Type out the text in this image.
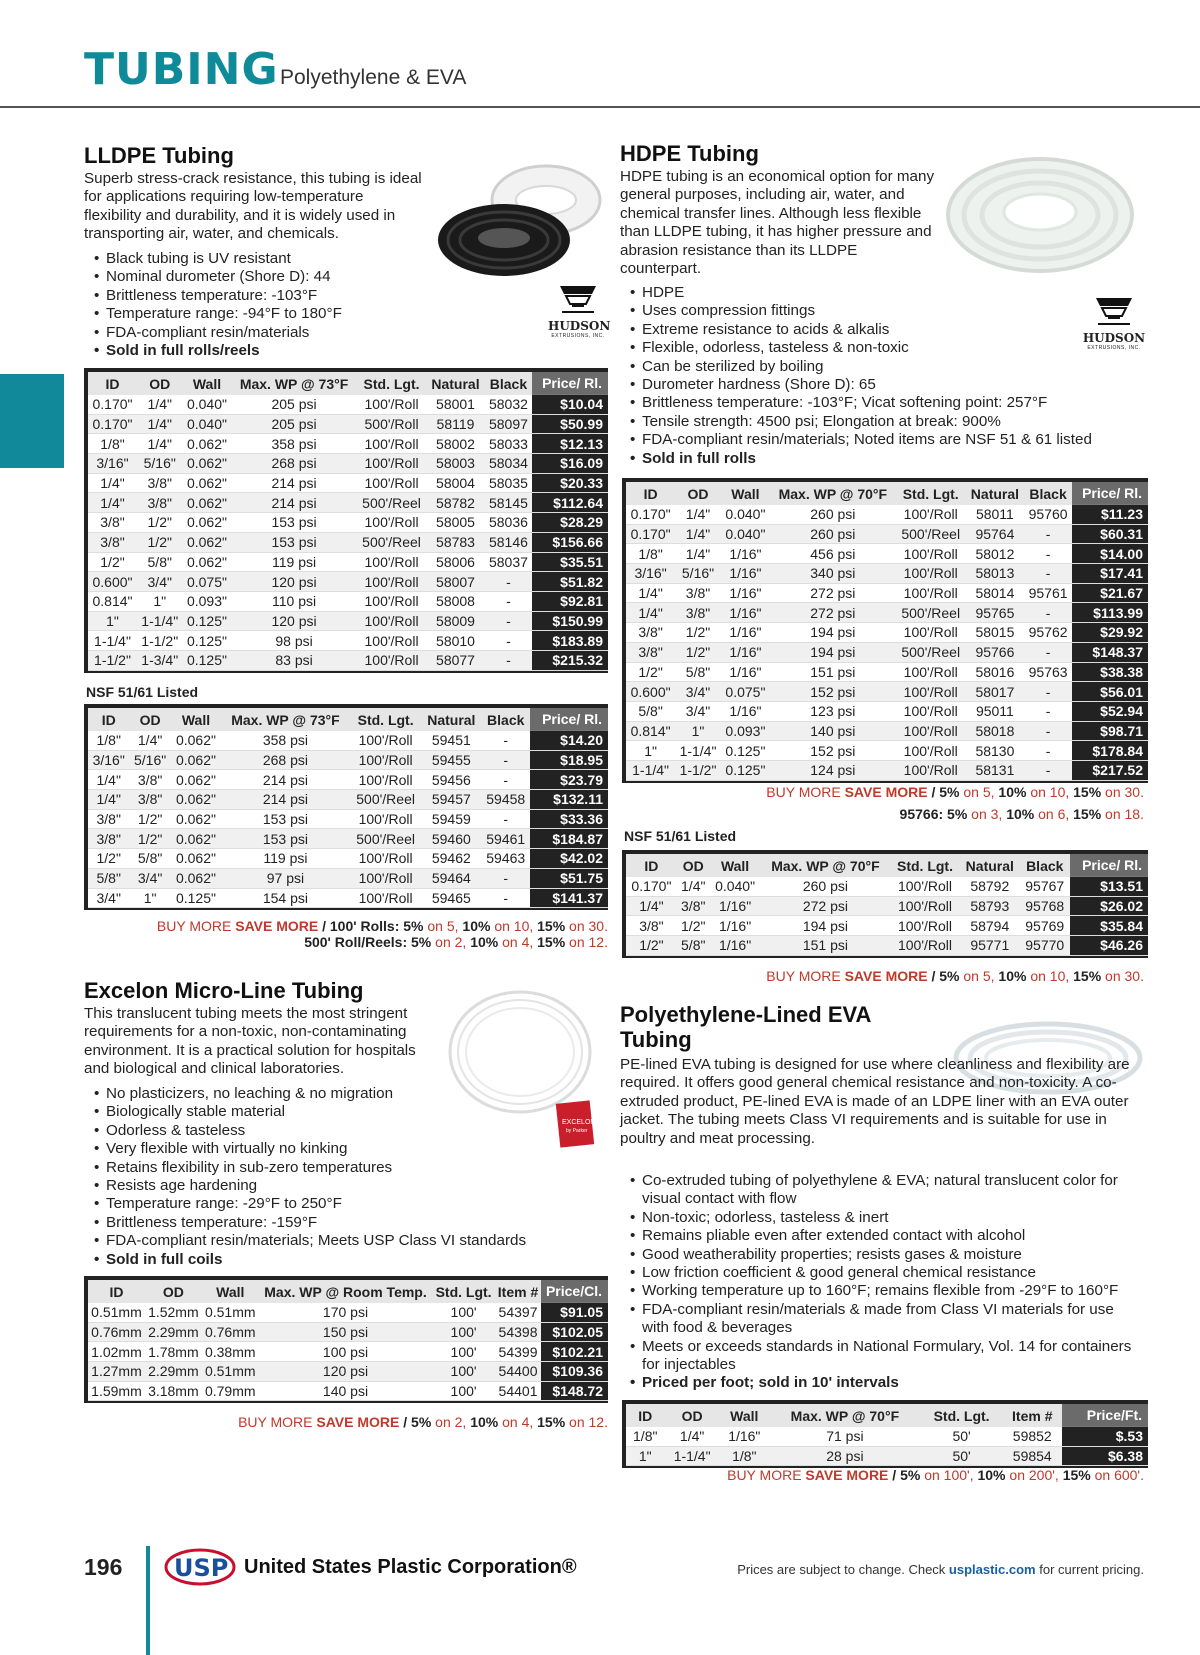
TUBING Polyethylene & EVA
LLDPE Tubing

Superb stress-crack resistance, this tubing is ideal for applications requiring low-temperature flexibility and durability, and it is widely used in transporting air, water, and chemicals.

• Black tubing is UV resistant
• Nominal durometer (Shore D): 44
• Brittleness temperature: -103°F
• Temperature range: -94°F to 180°F
• FDA-compliant resin/materials
• Sold in full rolls/reels
HUDSON
EXTRUSIONS, INC.
ID	OD	Wall	Max. WP @ 73°F	Std. Lgt.	Natural	Black	Price/ Rl.
0.170"	1/4"	0.040"	205 psi	100'/Roll	58001	58032	$10.04
0.170"	1/4"	0.040"	205 psi	500'/Roll	58119	58097	$50.99
1/8"	1/4"	0.062"	358 psi	100'/Roll	58002	58033	$12.13
3/16"	5/16"	0.062"	268 psi	100'/Roll	58003	58034	$16.09
1/4"	3/8"	0.062"	214 psi	100'/Roll	58004	58035	$20.33
1/4"	3/8"	0.062"	214 psi	500'/Reel	58782	58145	$112.64
3/8"	1/2"	0.062"	153 psi	100'/Roll	58005	58036	$28.29
3/8"	1/2"	0.062"	153 psi	500'/Reel	58783	58146	$156.66
1/2"	5/8"	0.062"	119 psi	100'/Roll	58006	58037	$35.51
0.600"	3/4"	0.075"	120 psi	100'/Roll	58007	-	$51.82
0.814"	1"	0.093"	110 psi	100'/Roll	58008	-	$92.81
1"	1-1/4"	0.125"	120 psi	100'/Roll	58009	-	$150.99
1-1/4"	1-1/2"	0.125"	98 psi	100'/Roll	58010	-	$183.89
1-1/2"	1-3/4"	0.125"	83 psi	100'/Roll	58077	-	$215.32
NSF 51/61 Listed
ID	OD	Wall	Max. WP @ 73°F	Std. Lgt.	Natural	Black	Price/ Rl.
1/8"	1/4"	0.062"	358 psi	100'/Roll	59451	-	$14.20
3/16"	5/16"	0.062"	268 psi	100'/Roll	59455	-	$18.95
1/4"	3/8"	0.062"	214 psi	100'/Roll	59456	-	$23.79
1/4"	3/8"	0.062"	214 psi	500'/Reel	59457	59458	$132.11
3/8"	1/2"	0.062"	153 psi	100'/Roll	59459	-	$33.36
3/8"	1/2"	0.062"	153 psi	500'/Reel	59460	59461	$184.87
1/2"	5/8"	0.062"	119 psi	100'/Roll	59462	59463	$42.02
5/8"	3/4"	0.062"	97 psi	100'/Roll	59464	-	$51.75
3/4"	1"	0.125"	154 psi	100'/Roll	59465	-	$141.37
BUY MORE SAVE MORE / 100' Rolls: 5% on 5, 10% on 10, 15% on 30.
500' Roll/Reels: 5% on 2, 10% on 4, 15% on 12.
HDPE Tubing

HDPE tubing is an economical option for many general purposes, including air, water, and chemical transfer lines. Although less flexible than LLDPE tubing, it has higher pressure and abrasion resistance than its LLDPE counterpart.

HUDSON
EXTRUSIONS, INC.
• HDPE
• Uses compression fittings
• Extreme resistance to acids & alkalis
• Flexible, odorless, tasteless & non-toxic
• Can be sterilized by boiling
• Durometer hardness (Shore D): 65
• Brittleness temperature: -103°F; Vicat softening point: 257°F
• Tensile strength: 4500 psi; Elongation at break: 900%
• FDA-compliant resin/materials; Noted items are NSF 51 & 61 listed
• Sold in full rolls
ID	OD	Wall	Max. WP @ 70°F	Std. Lgt.	Natural	Black	Price/ Rl.
0.170"	1/4"	0.040"	260 psi	100'/Roll	58011	95760	$11.23
0.170"	1/4"	0.040"	260 psi	500'/Reel	95764	-	$60.31
1/8"	1/4"	1/16"	456 psi	100'/Roll	58012	-	$14.00
3/16"	5/16"	1/16"	340 psi	100'/Roll	58013	-	$17.41
1/4"	3/8"	1/16"	272 psi	100'/Roll	58014	95761	$21.67
1/4"	3/8"	1/16"	272 psi	500'/Reel	95765	-	$113.99
3/8"	1/2"	1/16"	194 psi	100'/Roll	58015	95762	$29.92
3/8"	1/2"	1/16"	194 psi	500'/Reel	95766	-	$148.37
1/2"	5/8"	1/16"	151 psi	100'/Roll	58016	95763	$38.38
0.600"	3/4"	0.075"	152 psi	100'/Roll	58017	-	$56.01
5/8"	3/4"	1/16"	123 psi	100'/Roll	95011	-	$52.94
0.814"	1"	0.093"	140 psi	100'/Roll	58018	-	$98.71
1"	1-1/4"	0.125"	152 psi	100'/Roll	58130	-	$178.84
1-1/4"	1-1/2"	0.125"	124 psi	100'/Roll	58131	-	$217.52
BUY MORE SAVE MORE / 5% on 5, 10% on 10, 15% on 30.
95766: 5% on 3, 10% on 6, 15% on 18.
NSF 51/61 Listed
ID	OD	Wall	Max. WP @ 70°F	Std. Lgt.	Natural	Black	Price/ Rl.
0.170"	1/4"	0.040"	260 psi	100'/Roll	58792	95767	$13.51
1/4"	3/8"	1/16"	272 psi	100'/Roll	58793	95768	$26.02
3/8"	1/2"	1/16"	194 psi	100'/Roll	58794	95769	$35.84
1/2"	5/8"	1/16"	151 psi	100'/Roll	95771	95770	$46.26
BUY MORE SAVE MORE / 5% on 5, 10% on 10, 15% on 30.
Excelon Micro-Line Tubing

This translucent tubing meets the most stringent requirements for a non-toxic, non-contaminating environment. It is a practical solution for hospitals and biological and clinical laboratories.

EXCELON
by Parker
• No plasticizers, no leaching & no migration
• Biologically stable material
• Odorless & tasteless
• Very flexible with virtually no kinking
• Retains flexibility in sub-zero temperatures
• Resists age hardening
• Temperature range: -29°F to 250°F
• Brittleness temperature: -159°F
• FDA-compliant resin/materials; Meets USP Class VI standards
• Sold in full coils
ID	OD	Wall	Max. WP @ Room Temp.	Std. Lgt.	Item #	Price/Cl.
0.51mm	1.52mm	0.51mm	170 psi	100'	54397	$91.05
0.76mm	2.29mm	0.76mm	150 psi	100'	54398	$102.05
1.02mm	1.78mm	0.38mm	100 psi	100'	54399	$102.21
1.27mm	2.29mm	0.51mm	120 psi	100'	54400	$109.36
1.59mm	3.18mm	0.79mm	140 psi	100'	54401	$148.72
BUY MORE SAVE MORE / 5% on 2, 10% on 4, 15% on 12.
Polyethylene-Lined EVA Tubing

PE-lined EVA tubing is designed for use where cleanliness and flexibility are required. It offers good general chemical resistance and non-toxicity. A co-extruded product, PE-lined EVA is made of an LDPE liner with an EVA outer jacket. The tubing meets Class VI requirements and is suitable for use in poultry and meat processing.

• Co-extruded tubing of polyethylene & EVA; natural translucent color for visual contact with flow
• Non-toxic; odorless, tasteless & inert
• Remains pliable even after extended contact with alcohol
• Good weatherability properties; resists gases & moisture
• Low friction coefficient & good general chemical resistance
• Working temperature up to 160°F; remains flexible from -29°F to 160°F
• FDA-compliant resin/materials & made from Class VI materials for use with food & beverages
• Meets or exceeds standards in National Formulary, Vol. 14 for containers for injectables
• Priced per foot; sold in 10' intervals
ID	OD	Wall	Max. WP @ 70°F	Std. Lgt.	Item #	Price/Ft.
1/8"	1/4"	1/16"	71 psi	50'	59852	$.53
1"	1-1/4"	1/8"	28 psi	50'	59854	$6.38
BUY MORE SAVE MORE / 5% on 100', 10% on 200', 15% on 600'.
196 USP United States Plastic Corporation®	Prices are subject to change. Check usplastic.com for current pricing.
